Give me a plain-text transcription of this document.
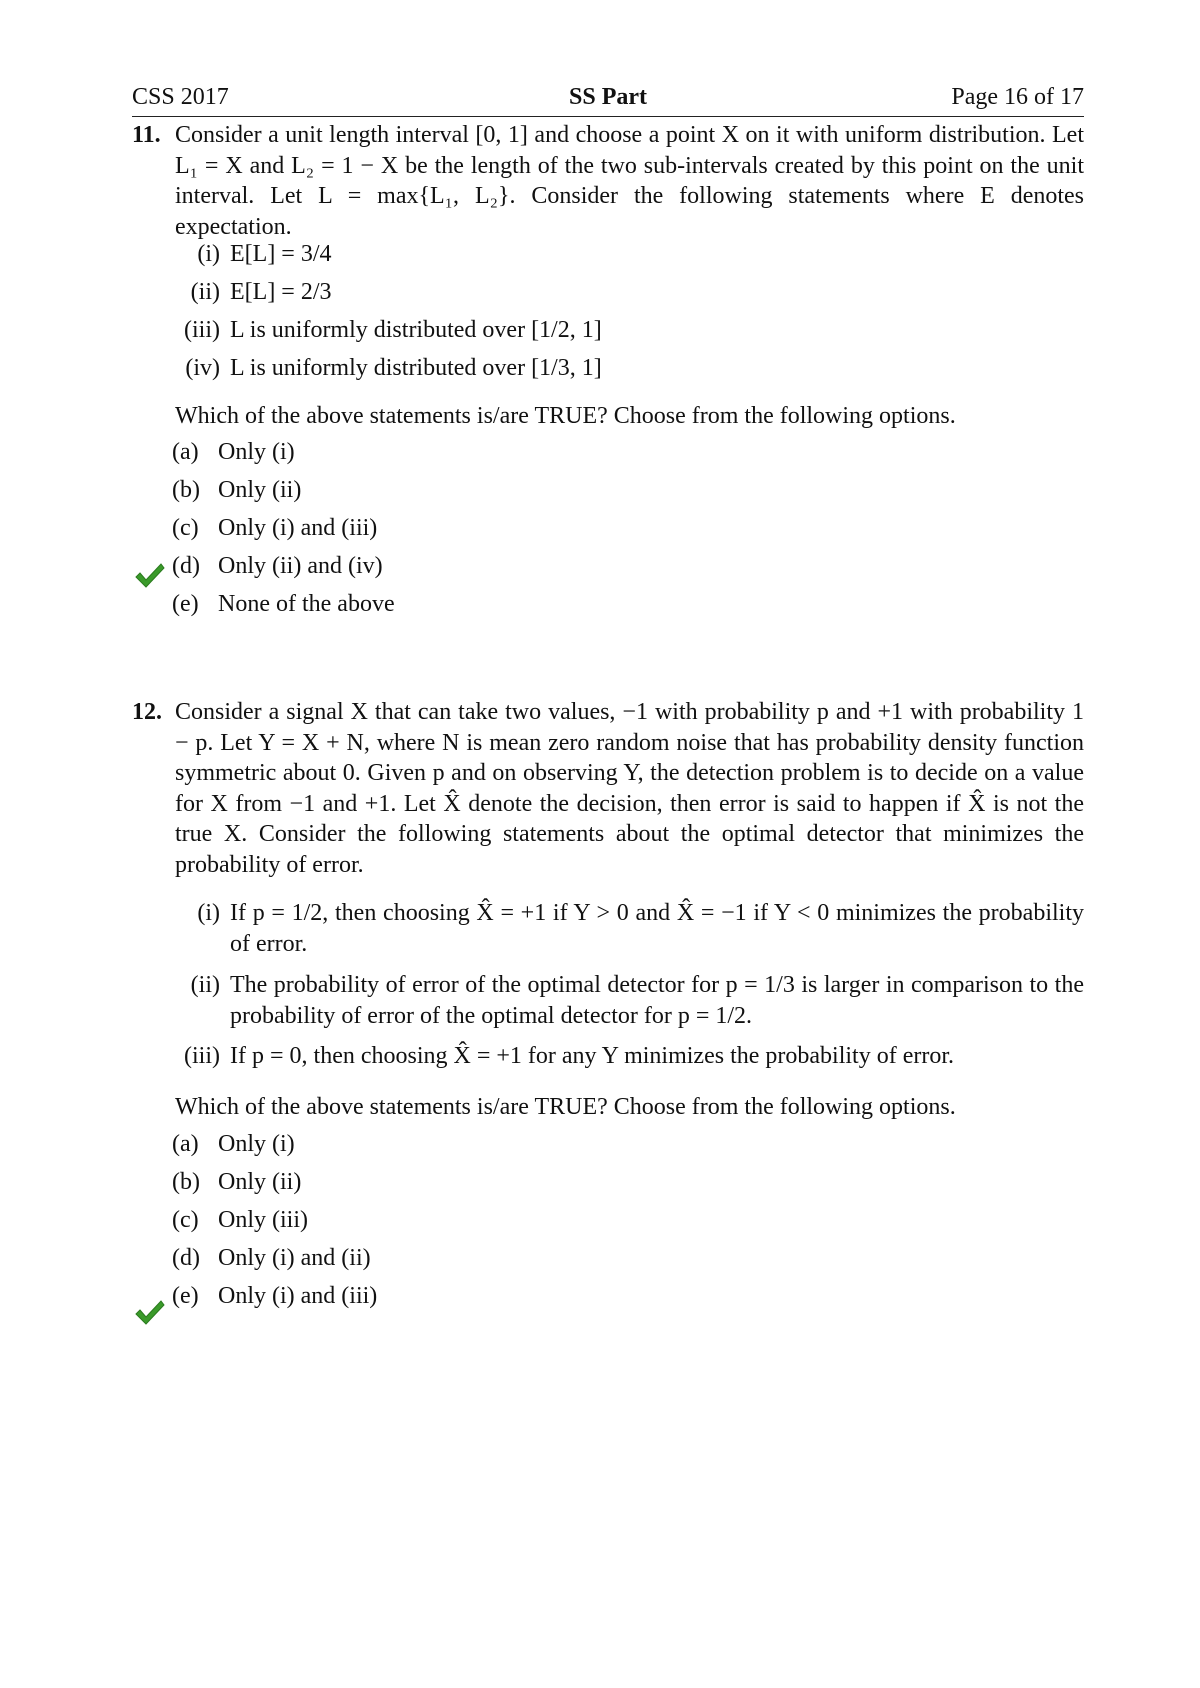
CSS 2017	SS Part	Page 16 of 17
11. Consider a unit length interval [0, 1] and choose a point X on it with uniform distribution. Let L₁ = X and L₂ = 1 − X be the length of the two sub-intervals created by this point on the unit interval. Let L = max{L₁, L₂}. Consider the following statements where E denotes expectation.
(i) E[L] = 3/4
(ii) E[L] = 2/3
(iii) L is uniformly distributed over [1/2, 1]
(iv) L is uniformly distributed over [1/3, 1]
Which of the above statements is/are TRUE? Choose from the following options.
(a) Only (i)
(b) Only (ii)
(c) Only (i) and (iii)
(d) Only (ii) and (iv)
(e) None of the above
12. Consider a signal X that can take two values, −1 with probability p and +1 with probability 1 − p. Let Y = X + N, where N is mean zero random noise that has probability density function symmetric about 0. Given p and on observing Y, the detection problem is to decide on a value for X from −1 and +1. Let X̂ denote the decision, then error is said to happen if X̂ is not the true X. Consider the following statements about the optimal detector that minimizes the probability of error.
(i) If p = 1/2, then choosing X̂ = +1 if Y > 0 and X̂ = −1 if Y < 0 minimizes the probability of error.
(ii) The probability of error of the optimal detector for p = 1/3 is larger in comparison to the probability of error of the optimal detector for p = 1/2.
(iii) If p = 0, then choosing X̂ = +1 for any Y minimizes the probability of error.
Which of the above statements is/are TRUE? Choose from the following options.
(a) Only (i)
(b) Only (ii)
(c) Only (iii)
(d) Only (i) and (ii)
(e) Only (i) and (iii)
